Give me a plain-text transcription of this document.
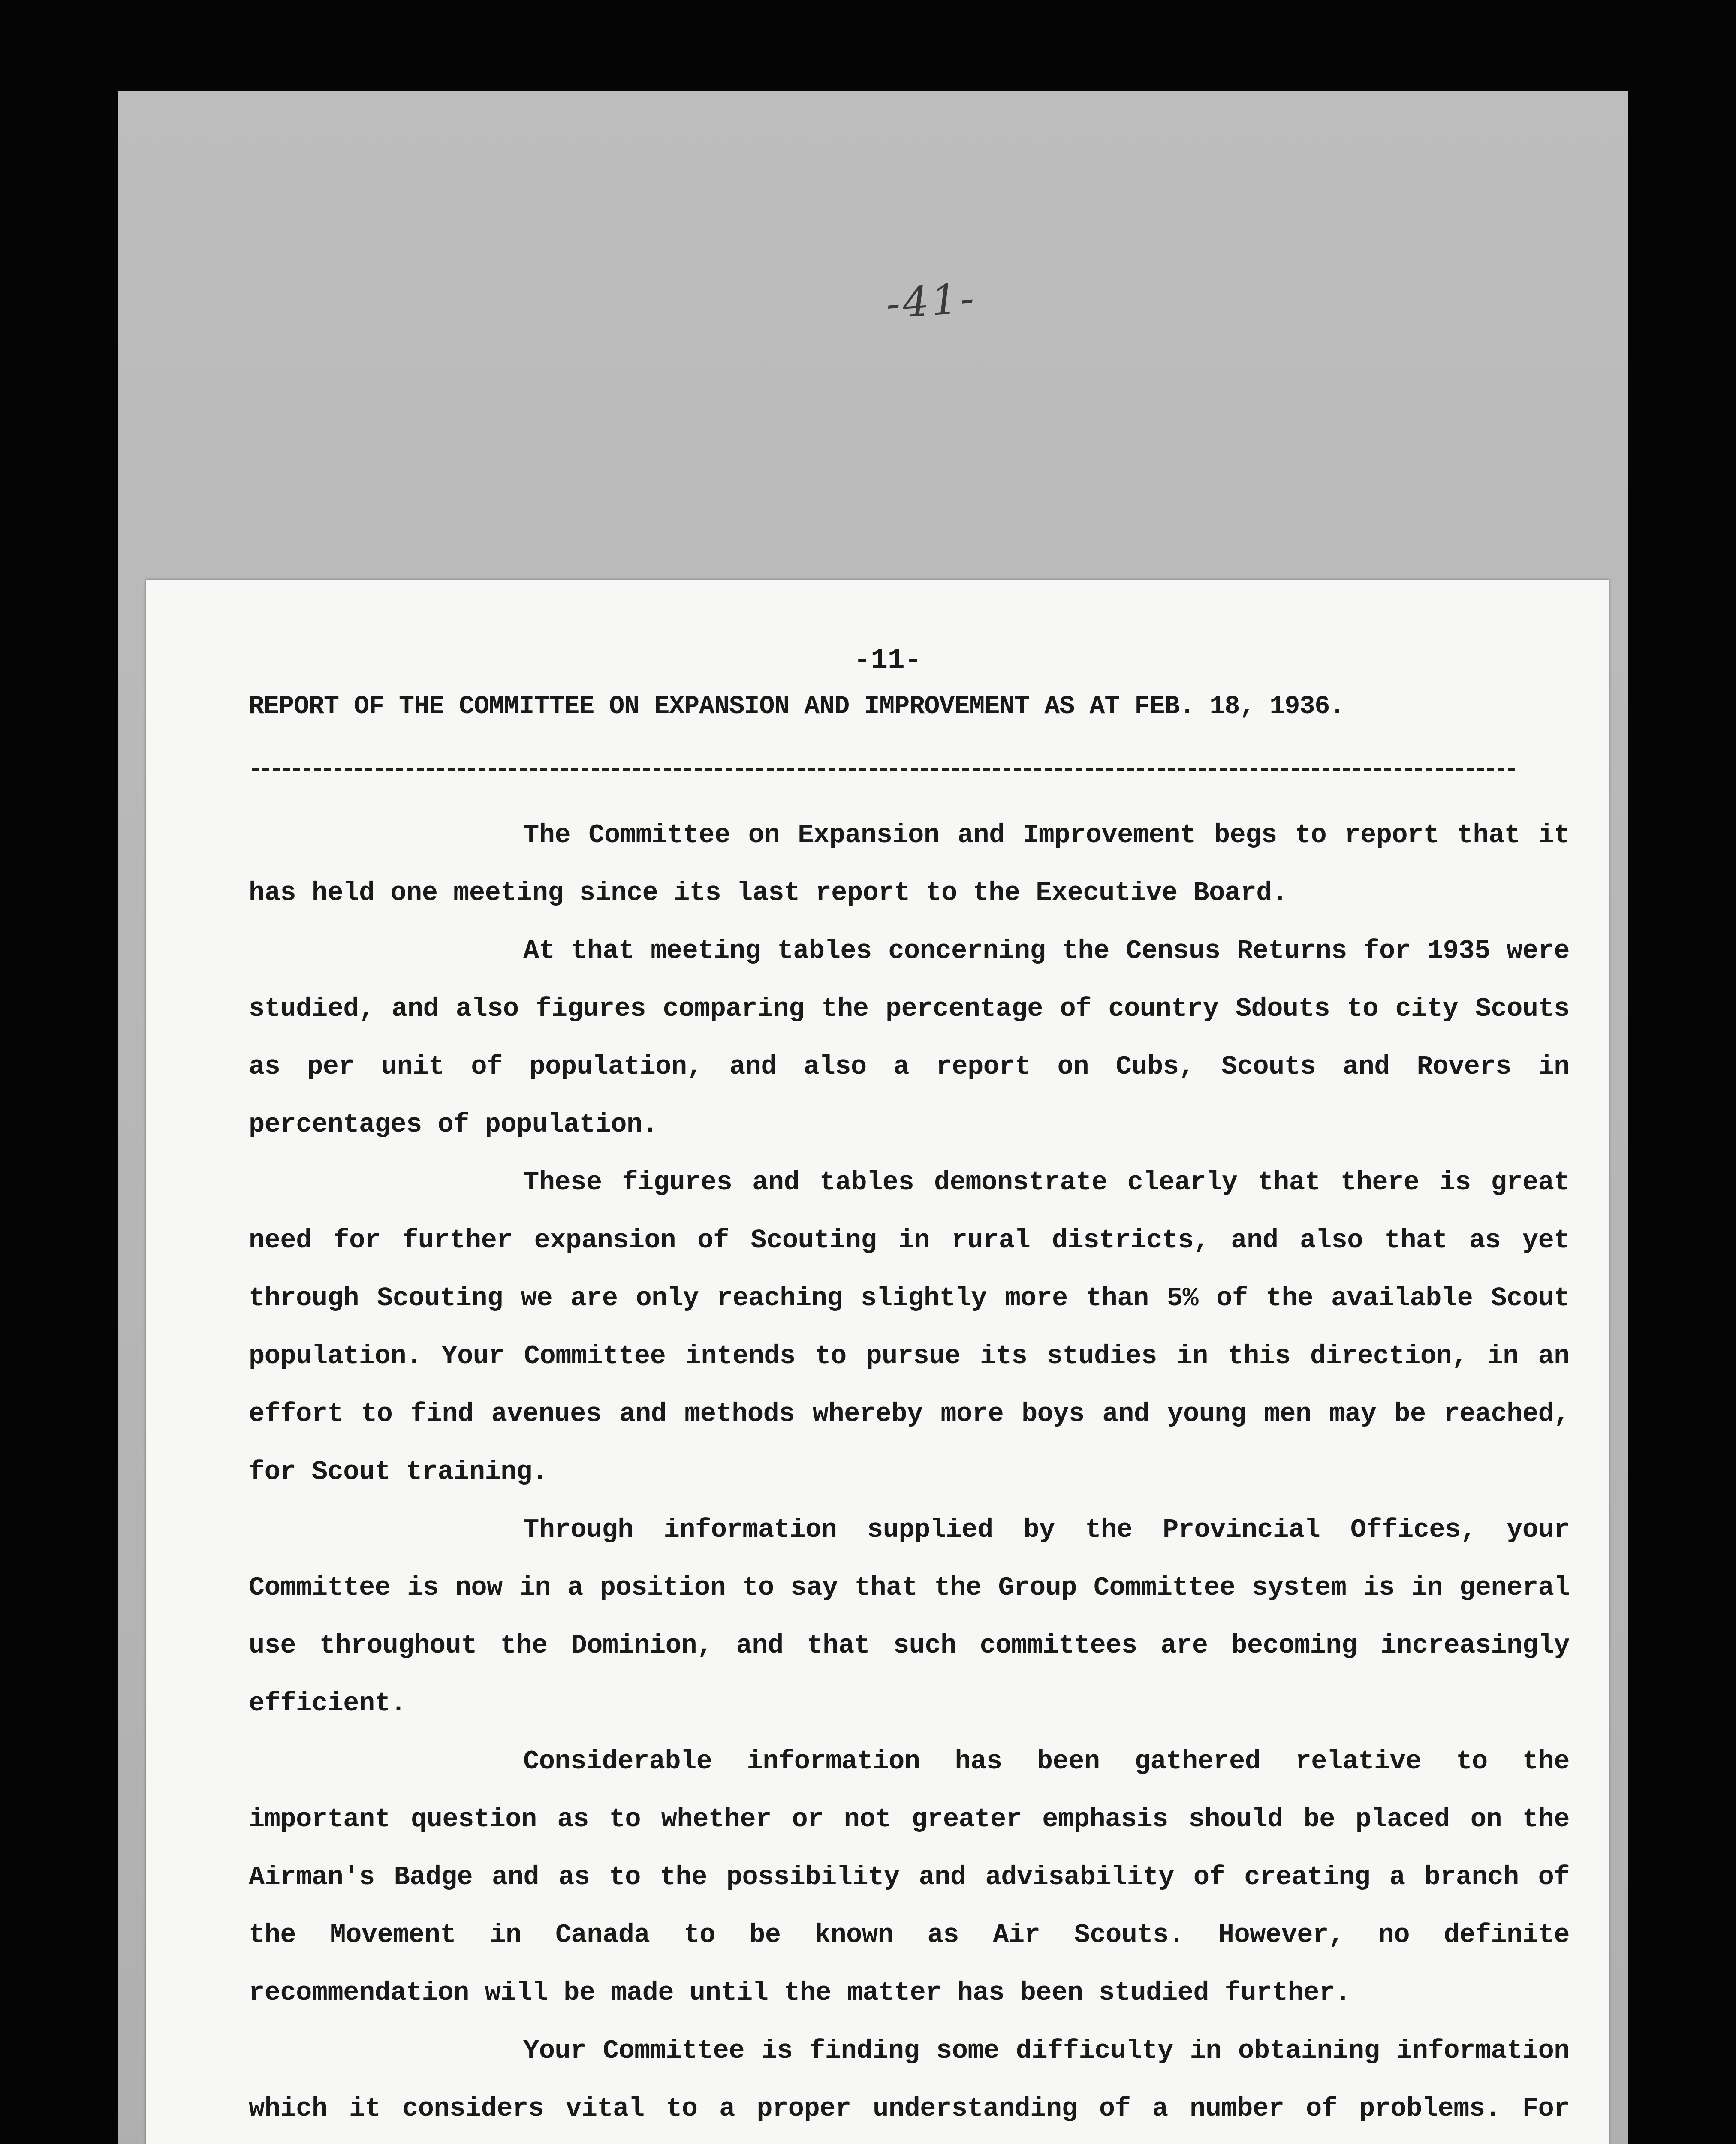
-41-
-11-
REPORT OF THE COMMITTEE ON EXPANSION AND IMPROVEMENT AS AT FEB. 18, 1936.

The Committee on Expansion and Improvement begs to report that it has held one meeting since its last report to the Executive Board.

At that meeting tables concerning the Census Returns for 1935 were studied, and also figures comparing the percentage of country Sdouts to city Scouts as per unit of population, and also a report on Cubs, Scouts and Rovers in percentages of population.

These figures and tables demonstrate clearly that there is great need for further expansion of Scouting in rural districts, and also that as yet through Scouting we are only reaching slightly more than 5% of the available Scout population. Your Committee intends to pursue its studies in this direction, in an effort to find avenues and methods whereby more boys and young men may be reached, for Scout training.

Through information supplied by the Provincial Offices, your Committee is now in a position to say that the Group Committee system is in general use throughout the Dominion, and that such committees are becoming increasingly efficient.

Considerable information has been gathered relative to the important question as to whether or not greater emphasis should be placed on the Airman's Badge and as to the possibility and advisability of creating a branch of the Movement in Canada to be known as Air Scouts. However, no definite recommendation will be made until the matter has been studied further.

Your Committee is finding some difficulty in obtaining information which it considers vital to a proper understanding of a number of problems. For
